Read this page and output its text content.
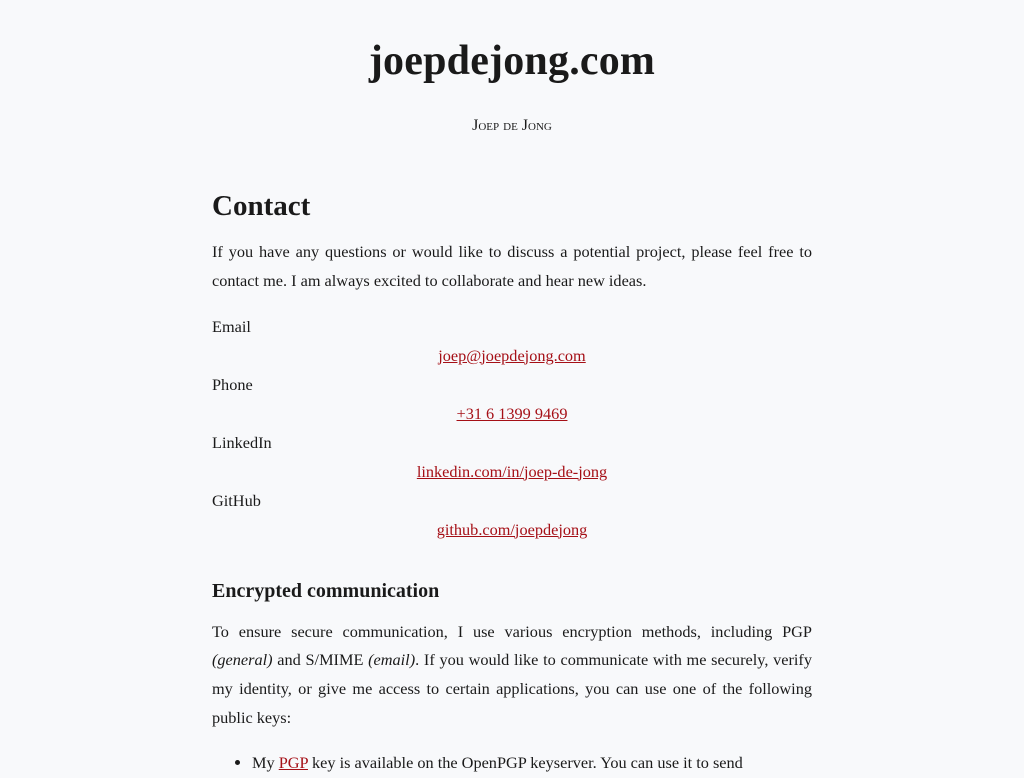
joepdejong.com
Joep de Jong
Contact

If you have any questions or would like to discuss a potential project, please feel free to contact me. I am always excited to collaborate and hear new ideas.

Email
joep@joepdejong.com
Phone
+31 6 1399 9469
LinkedIn
linkedin.com/in/joep-de-jong
GitHub
github.com/joepdejong
Encrypted communication

To ensure secure communication, I use various encryption methods, including PGP (general) and S/MIME (email). If you would like to communicate with me securely, verify my identity, or give me access to certain applications, you can use one of the following public keys:

• My PGP key is available on the OpenPGP keyserver. You can use it to send
